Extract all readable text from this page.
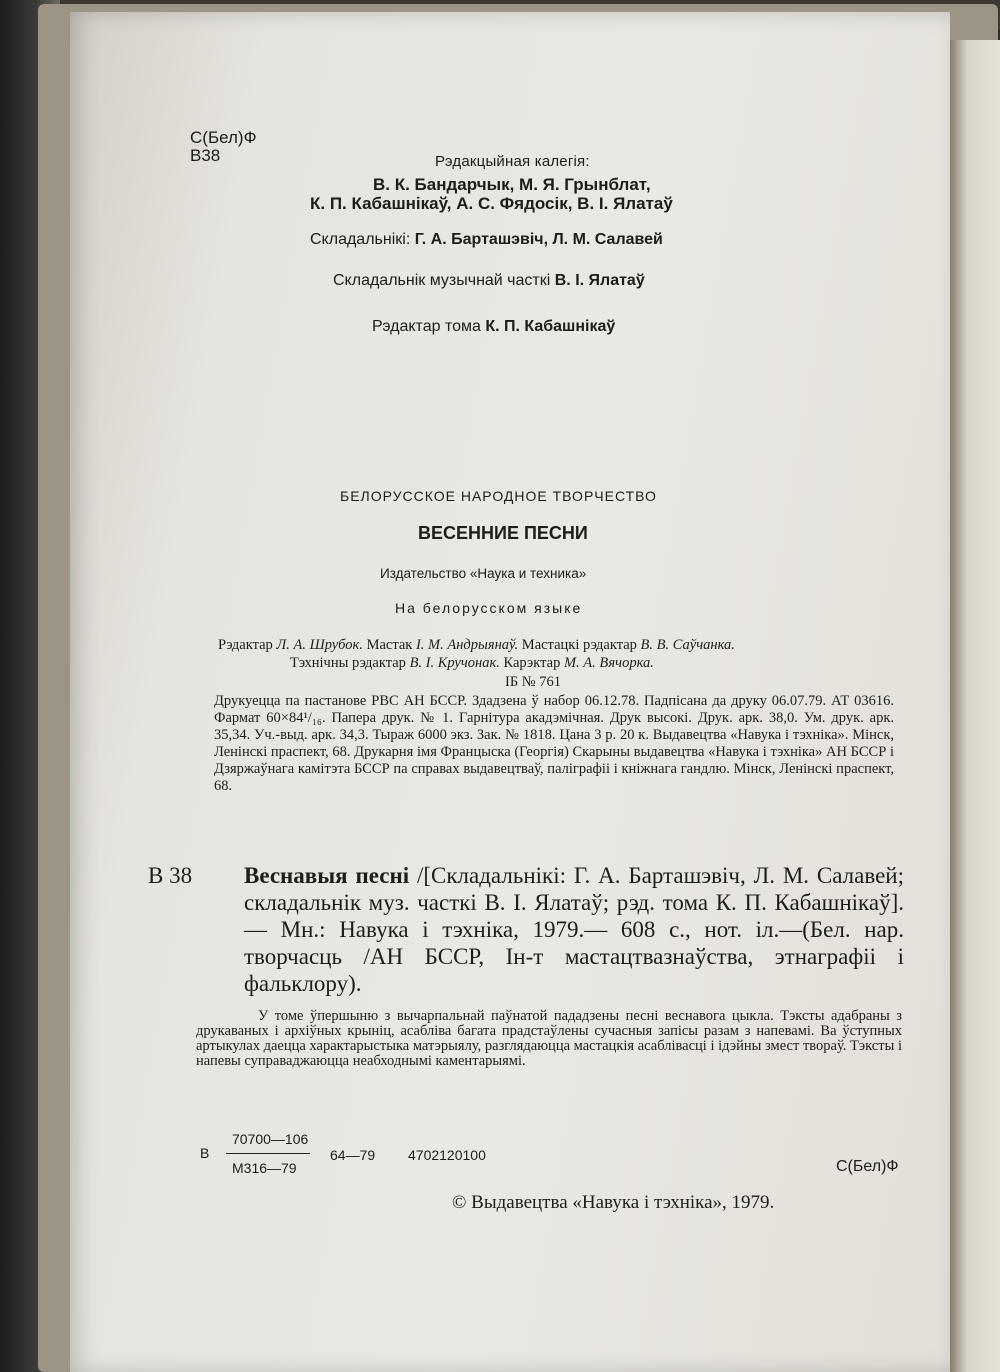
С(Бел)Ф
В38	Рэдакцыйная калегія:
В. К. Бандарчык, М. Я. Грынблат,
К. П. Кабашнікаў, А. С. Фядосік, В. І. Ялатаў
Складальнікі: Г. А. Барташэвіч, Л. М. Салавей
Складальнік музычнай часткі В. І. Ялатаў
Рэдактар тома К. П. Кабашнікаў
БЕЛОРУССКОЕ НАРОДНОЕ ТВОРЧЕСТВО
ВЕСЕННИЕ ПЕСНИ
Издательство «Наука и техника»
На белорусском языке
Рэдактар Л. А. Шрубок. Мастак І. М. Андрыянаў. Мастацкі рэдактар В. В. Саўчанка.
Тэхнічны рэдактар В. І. Кручонак. Карэктар М. А. Вячорка.
ІБ № 761
Друкуецца па пастанове РВС АН БССР. Здадзена ў набор 06.12.78. Падпісана да друку 06.07.79. АТ 03616. Фармат 60×84¹/₁₆. Папера друк. № 1. Гарнітура акадэмічная. Друк высокі. Друк. арк. 38,0. Ум. друк. арк. 35,34. Уч.-выд. арк. 34,3. Тыраж 6000 экз. Зак. № 1818. Цана 3 р. 20 к. Выдавецтва «Навука і тэхніка». Мінск, Ленінскі праспект, 68. Друкарня імя Францыска (Георгія) Скарыны выдавецтва «Навука і тэхніка» АН БССР і Дзяржаўнага камітэта БССР па справах выдавецтваў, паліграфіі і кніжнага гандлю. Мінск, Ленінскі праспект, 68.
В 38 Веснавыя песні /[Складальнікі: Г. А. Барташэвіч, Л. М. Салавей; складальнік муз. часткі В. І. Ялатаў; рэд. тома К. П. Кабашнікаў].— Мн.: Навука і тэхніка, 1979.— 608 с., нот. іл.—(Бел. нар. творчасць /АН БССР, Ін-т мастацтвазнаўства, этнаграфіі і фальклору).
У томе ўпершыню з вычарпальнай паўнатой пададзены песні веснавога цыкла. Тэксты адабраны з друкаваных і архіўных крыніц, асабліва багата прадстаўлены сучасныя запісы разам з напевамі. Ва ўступных артыкулах даецца характарыстыка матэрыялу, разглядаюцца мастацкія асаблівасці і ідэйны змест твораў. Тэксты і напевы суправаджаюцца неабходнымі каментарыямі.
В
70700—106
М316—79
64—79 4702120100
С(Бел)Ф
© Выдавецтва «Навука і тэхніка», 1979.
